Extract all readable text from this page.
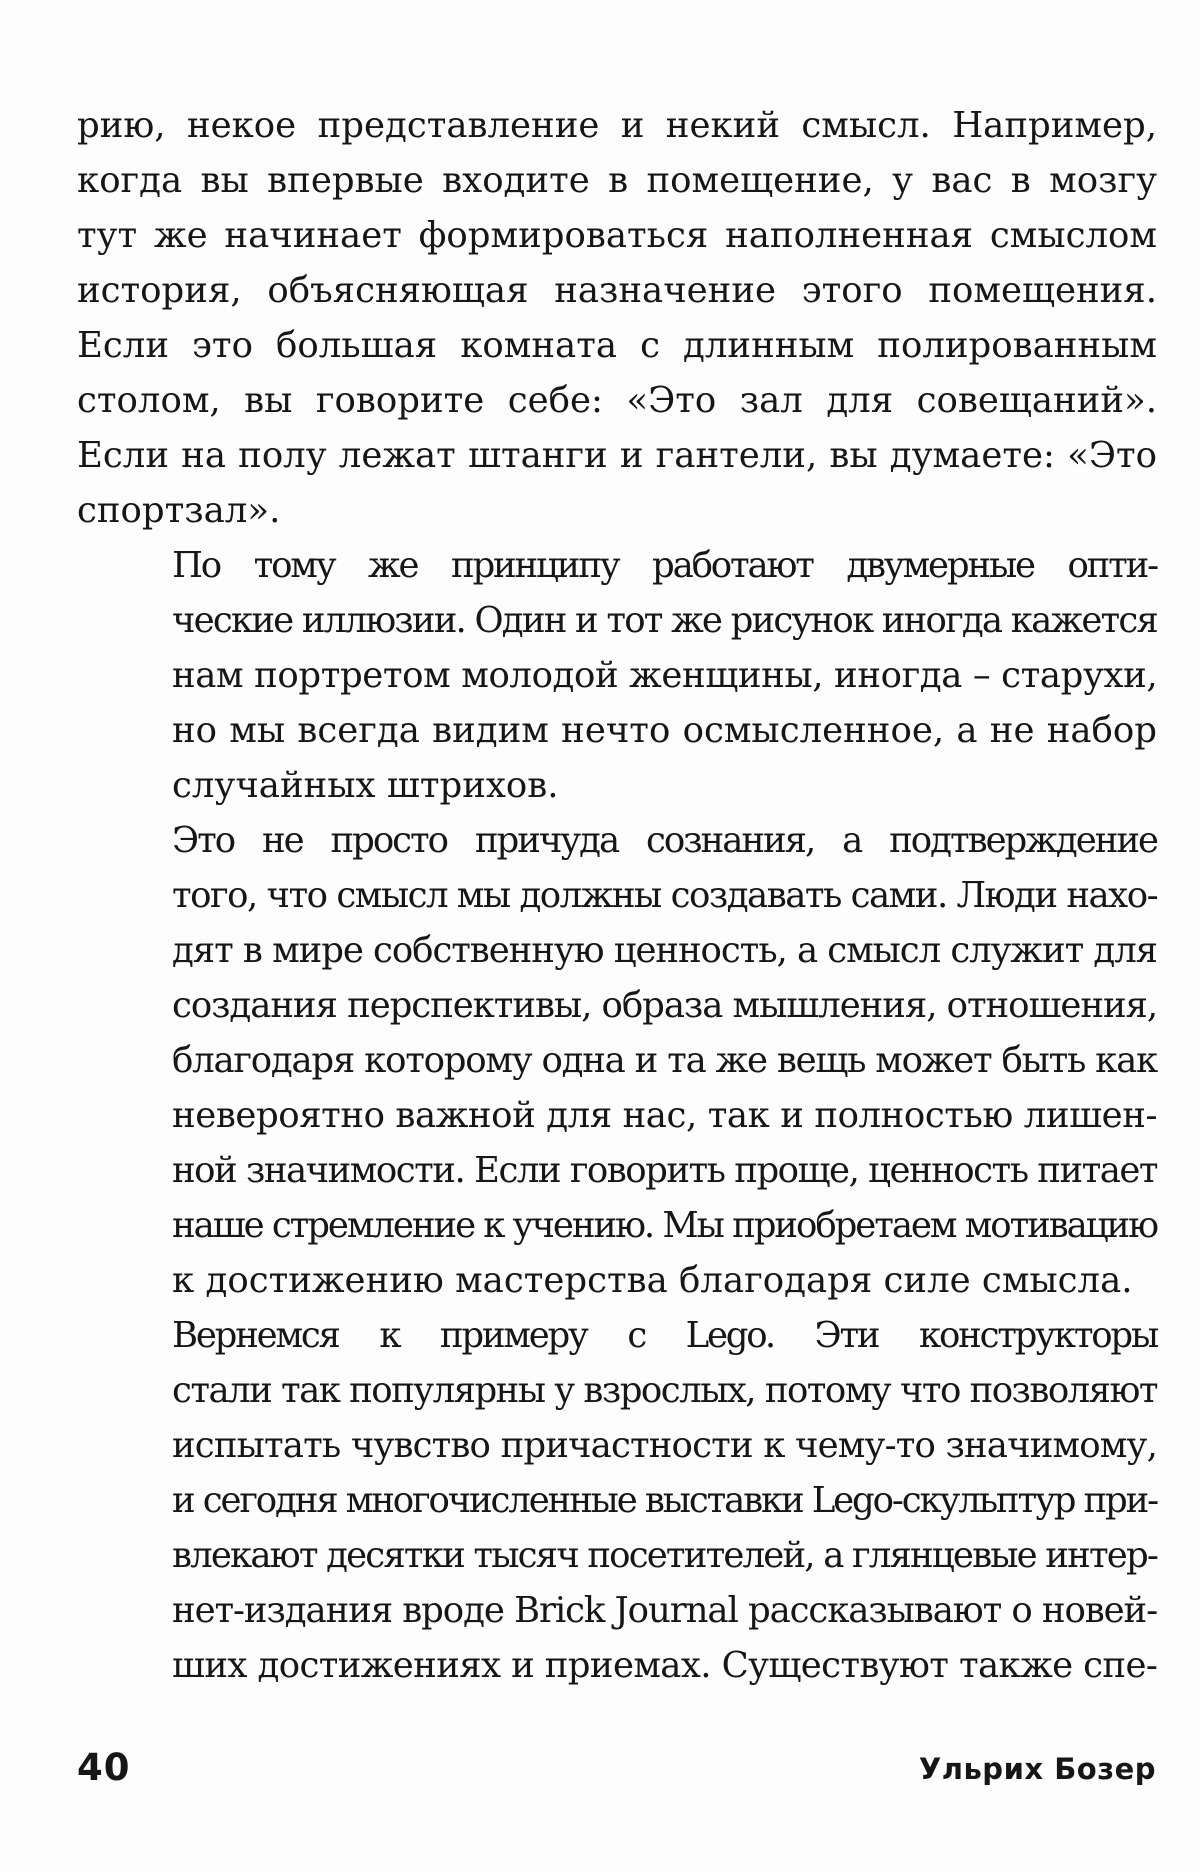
рию, некое представление и некий смысл. Например,
когда вы впервые входите в помещение, у вас в мозгу
тут же начинает формироваться наполненная смыслом
история, объясняющая назначение этого помещения.
Если это большая комната с длинным полированным
столом, вы говорите себе: «Это зал для совещаний».
Если на полу лежат штанги и гантели, вы думаете: «Это
спортзал».
По тому же принципу работают двумерные опти-
ческие иллюзии. Один и тот же рисунок иногда кажется
нам портретом молодой женщины, иногда – старухи,
но мы всегда видим нечто осмысленное, а не набор
случайных штрихов.
Это не просто причуда сознания, а подтверждение
того, что смысл мы должны создавать сами. Люди нахо-
дят в мире собственную ценность, а смысл служит для
создания перспективы, образа мышления, отношения,
благодаря которому одна и та же вещь может быть как
невероятно важной для нас, так и полностью лишен-
ной значимости. Если говорить проще, ценность питает
наше стремление к учению. Мы приобретаем мотивацию
к достижению мастерства благодаря силе смысла.
Вернемся к примеру с Lego. Эти конструкторы
стали так популярны у взрослых, потому что позволяют
испытать чувство причастности к чему-то значимому,
и сегодня многочисленные выставки Lego-скульптур при-
влекают десятки тысяч посетителей, а глянцевые интер-
нет-издания вроде Brick Journal рассказывают о новей-
ших достижениях и приемах. Существуют также спе-
40	Ульрих Бозер
